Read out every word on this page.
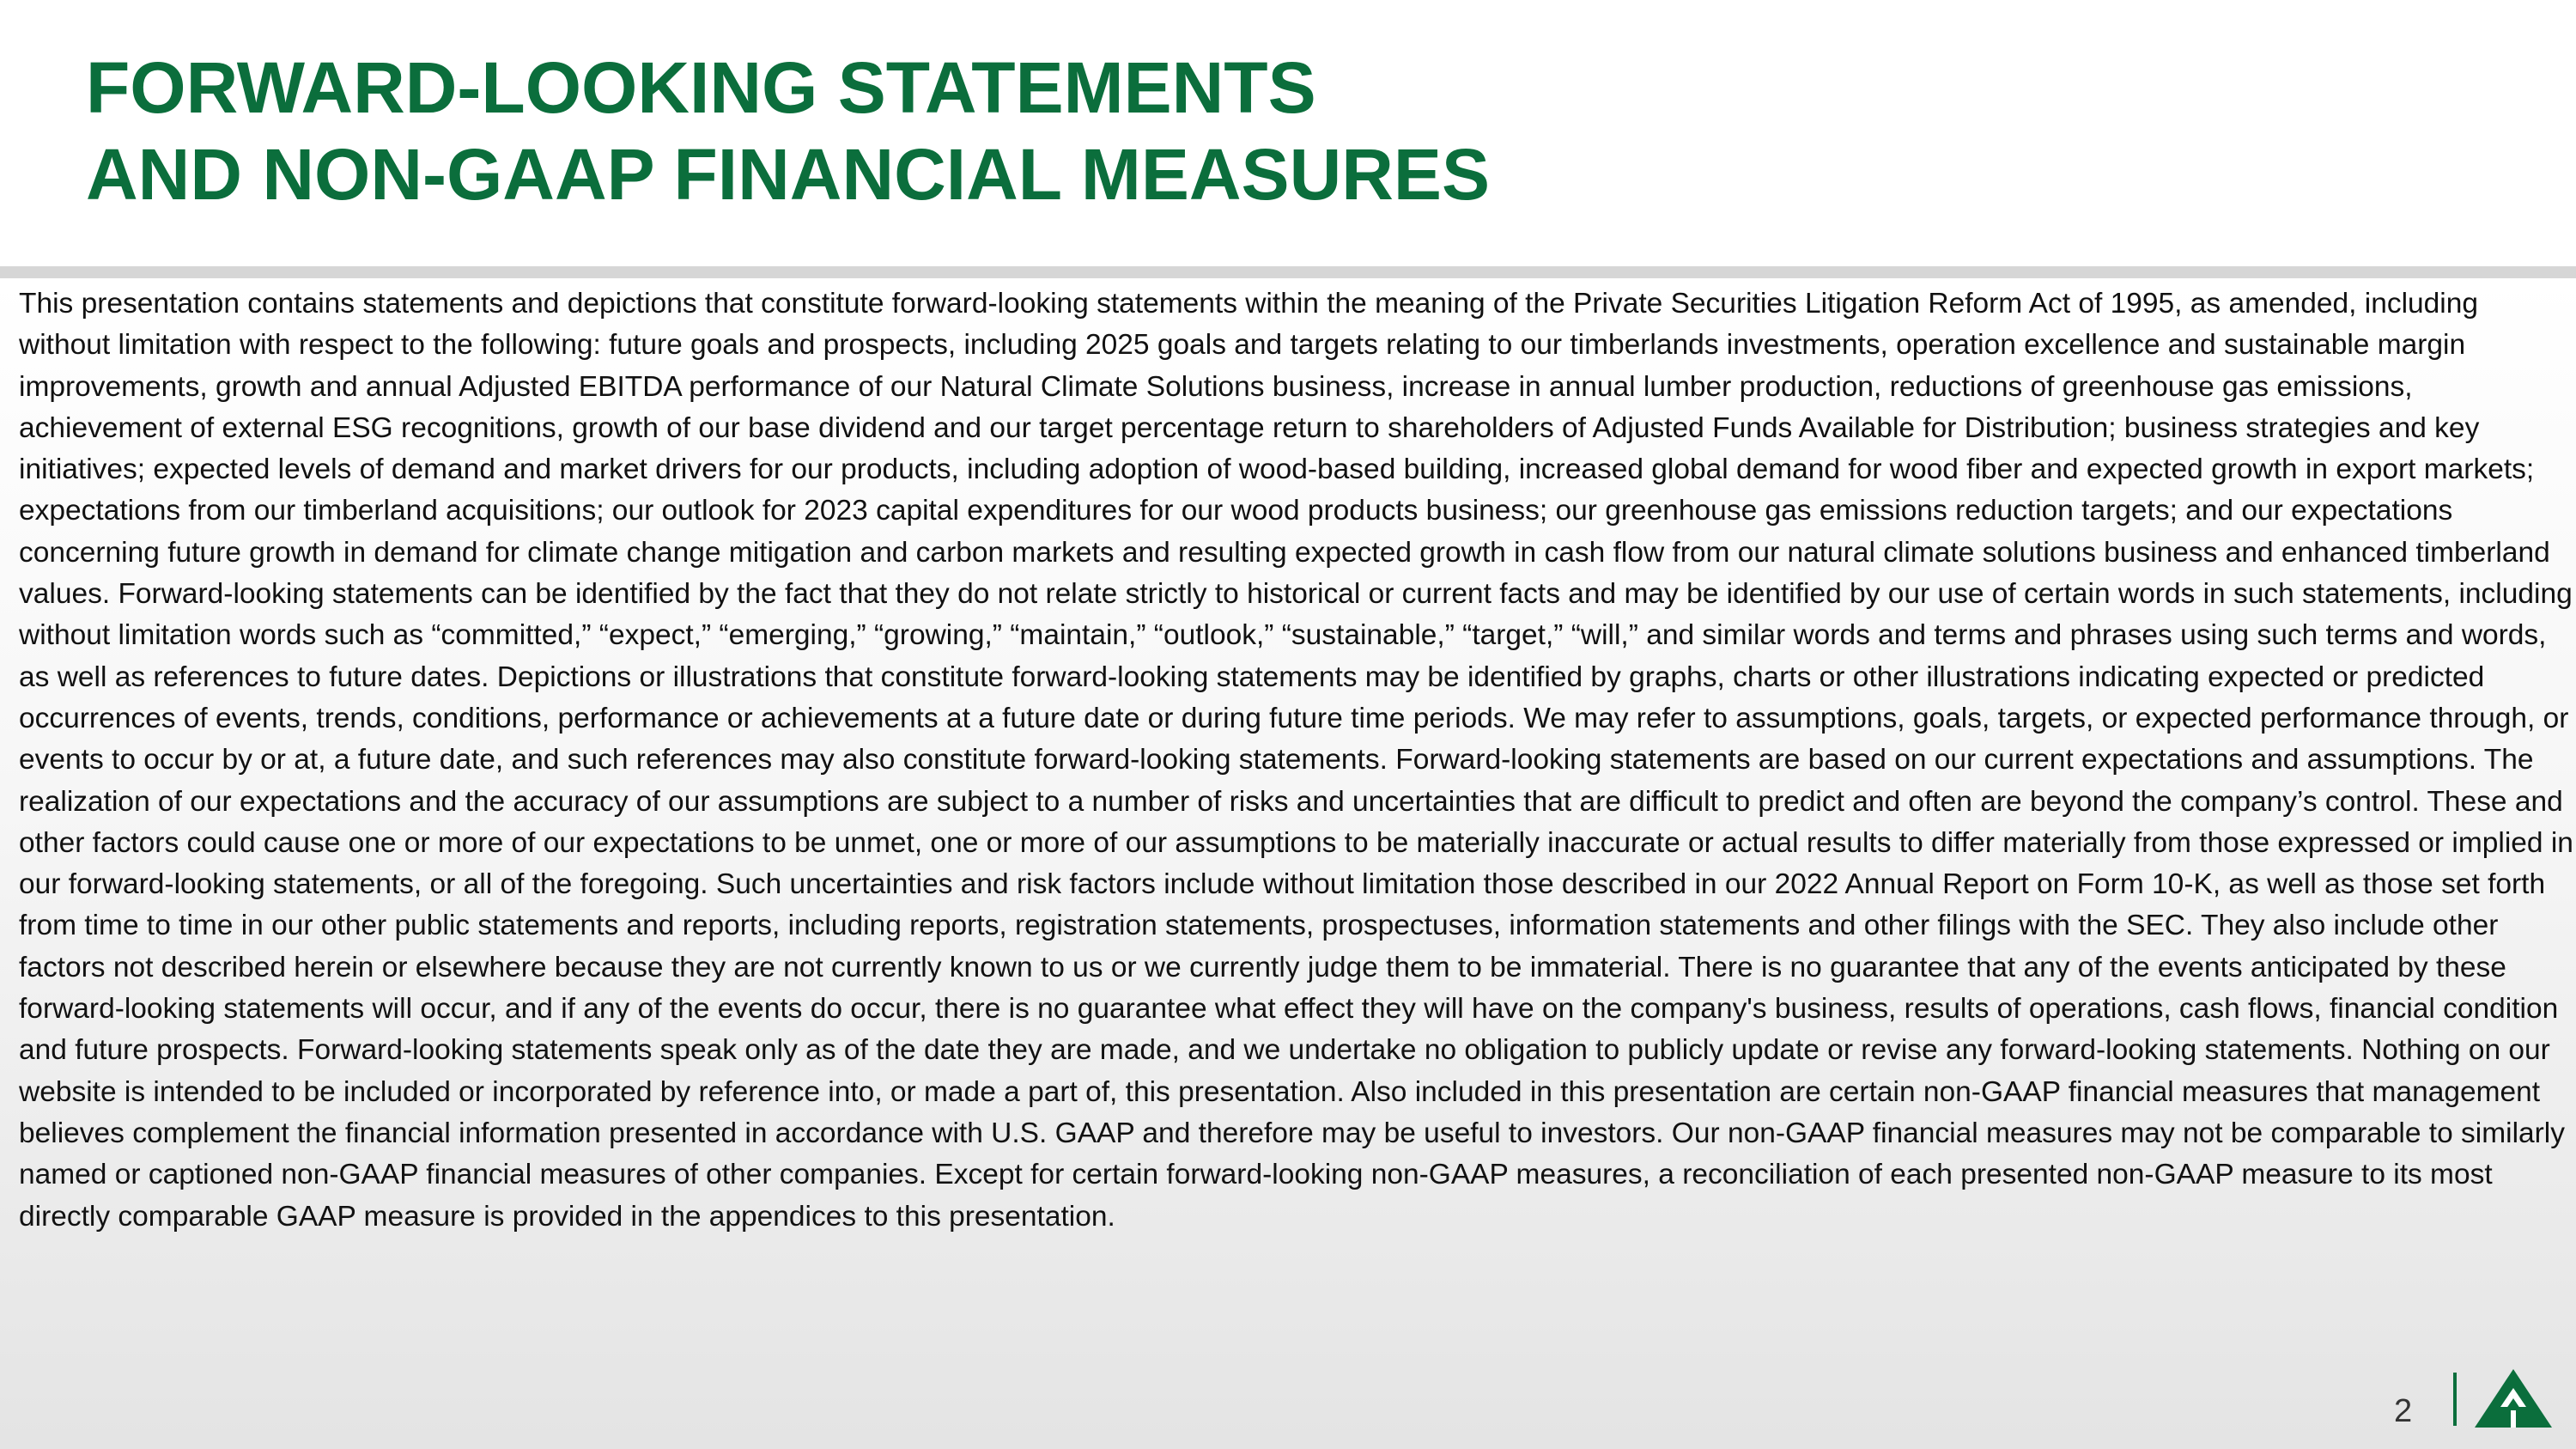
FORWARD-LOOKING STATEMENTS
AND NON-GAAP FINANCIAL MEASURES

This presentation contains statements and depictions that constitute forward-looking statements within the meaning of the Private Securities Litigation Reform Act of 1995, as amended, including without limitation with respect to the following: future goals and prospects, including 2025 goals and targets relating to our timberlands investments, operation excellence and sustainable margin improvements, growth and annual Adjusted EBITDA performance of our Natural Climate Solutions business, increase in annual lumber production, reductions of greenhouse gas emissions, achievement of external ESG recognitions, growth of our base dividend and our target percentage return to shareholders of Adjusted Funds Available for Distribution; business strategies and key initiatives; expected levels of demand and market drivers for our products, including adoption of wood-based building, increased global demand for wood fiber and expected growth in export markets; expectations from our timberland acquisitions; our outlook for 2023 capital expenditures for our wood products business; our greenhouse gas emissions reduction targets; and our expectations concerning future growth in demand for climate change mitigation and carbon markets and resulting expected growth in cash flow from our natural climate solutions business and enhanced timberland values. Forward-looking statements can be identified by the fact that they do not relate strictly to historical or current facts and may be identified by our use of certain words in such statements, including without limitation words such as “committed,” “expect,” “emerging,” “growing,” “maintain,” “outlook,” “sustainable,” “target,” “will,” and similar words and terms and phrases using such terms and words, as well as references to future dates. Depictions or illustrations that constitute forward-looking statements may be identified by graphs, charts or other illustrations indicating expected or predicted occurrences of events, trends, conditions, performance or achievements at a future date or during future time periods. We may refer to assumptions, goals, targets, or expected performance through, or events to occur by or at, a future date, and such references may also constitute forward-looking statements. Forward-looking statements are based on our current expectations and assumptions. The realization of our expectations and the accuracy of our assumptions are subject to a number of risks and uncertainties that are difficult to predict and often are beyond the company’s control. These and other factors could cause one or more of our expectations to be unmet, one or more of our assumptions to be materially inaccurate or actual results to differ materially from those expressed or implied in our forward-looking statements, or all of the foregoing. Such uncertainties and risk factors include without limitation those described in our 2022 Annual Report on Form 10-K, as well as those set forth from time to time in our other public statements and reports, including reports, registration statements, prospectuses, information statements and other filings with the SEC. They also include other factors not described herein or elsewhere because they are not currently known to us or we currently judge them to be immaterial. There is no guarantee that any of the events anticipated by these forward-looking statements will occur, and if any of the events do occur, there is no guarantee what effect they will have on the company's business, results of operations, cash flows, financial condition and future prospects. Forward-looking statements speak only as of the date they are made, and we undertake no obligation to publicly update or revise any forward-looking statements. Nothing on our website is intended to be included or incorporated by reference into, or made a part of, this presentation. Also included in this presentation are certain non-GAAP financial measures that management believes complement the financial information presented in accordance with U.S. GAAP and therefore may be useful to investors. Our non-GAAP financial measures may not be comparable to similarly named or captioned non-GAAP financial measures of other companies. Except for certain forward-looking non-GAAP measures, a reconciliation of each presented non-GAAP measure to its most directly comparable GAAP measure is provided in the appendices to this presentation.

2
